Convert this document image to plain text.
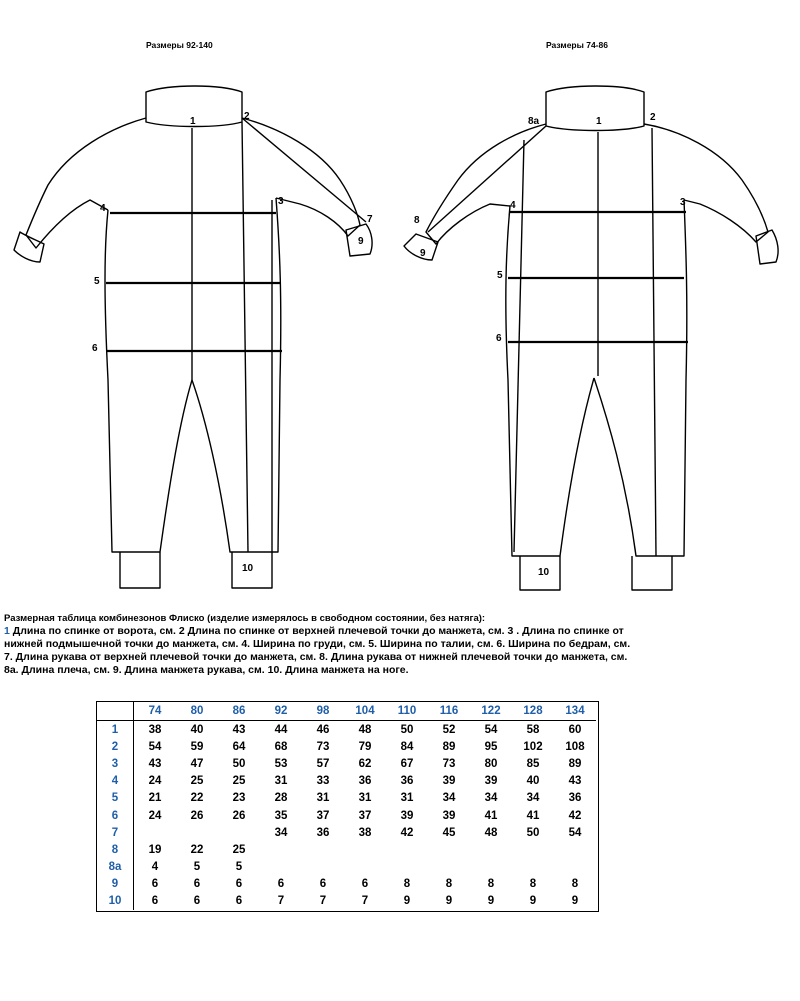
Размеры 92-140	Размеры 74-86
1	2
3
4
5
6
7
9
10
8а	1	2
4	3
8
9
5
6
10
Размерная таблица комбинезонов Флиско (изделие измерялось в свободном состоянии, без натяга):
1 Длина по спинке от ворота, см. 2 Длина по спинке от верхней плечевой точки до манжета, см. 3 . Длина по спинке от
нижней подмышечной точки до манжета, см. 4. Ширина по груди, см. 5. Ширина по талии, см. 6. Ширина по бедрам, см.
7. Длина рукава от верхней плечевой точки до манжета, см. 8. Длина рукава от нижней плечевой точки до манжета, см.
8а. Длина плеча, см. 9. Длина манжета рукава, см. 10. Длина манжета на ноге.
	74	80	86	92	98	104	110	116	122	128	134
1	38	40	43	44	46	48	50	52	54	58	60
2	54	59	64	68	73	79	84	89	95	102	108
3	43	47	50	53	57	62	67	73	80	85	89
4	24	25	25	31	33	36	36	39	39	40	43
5	21	22	23	28	31	31	31	34	34	34	36
6	24	26	26	35	37	37	39	39	41	41	42
7				34	36	38	42	45	48	50	54
8	19	22	25								
8а	4	5	5								
9	6	6	6	6	6	6	8	8	8	8	8
10	6	6	6	7	7	7	9	9	9	9	9
